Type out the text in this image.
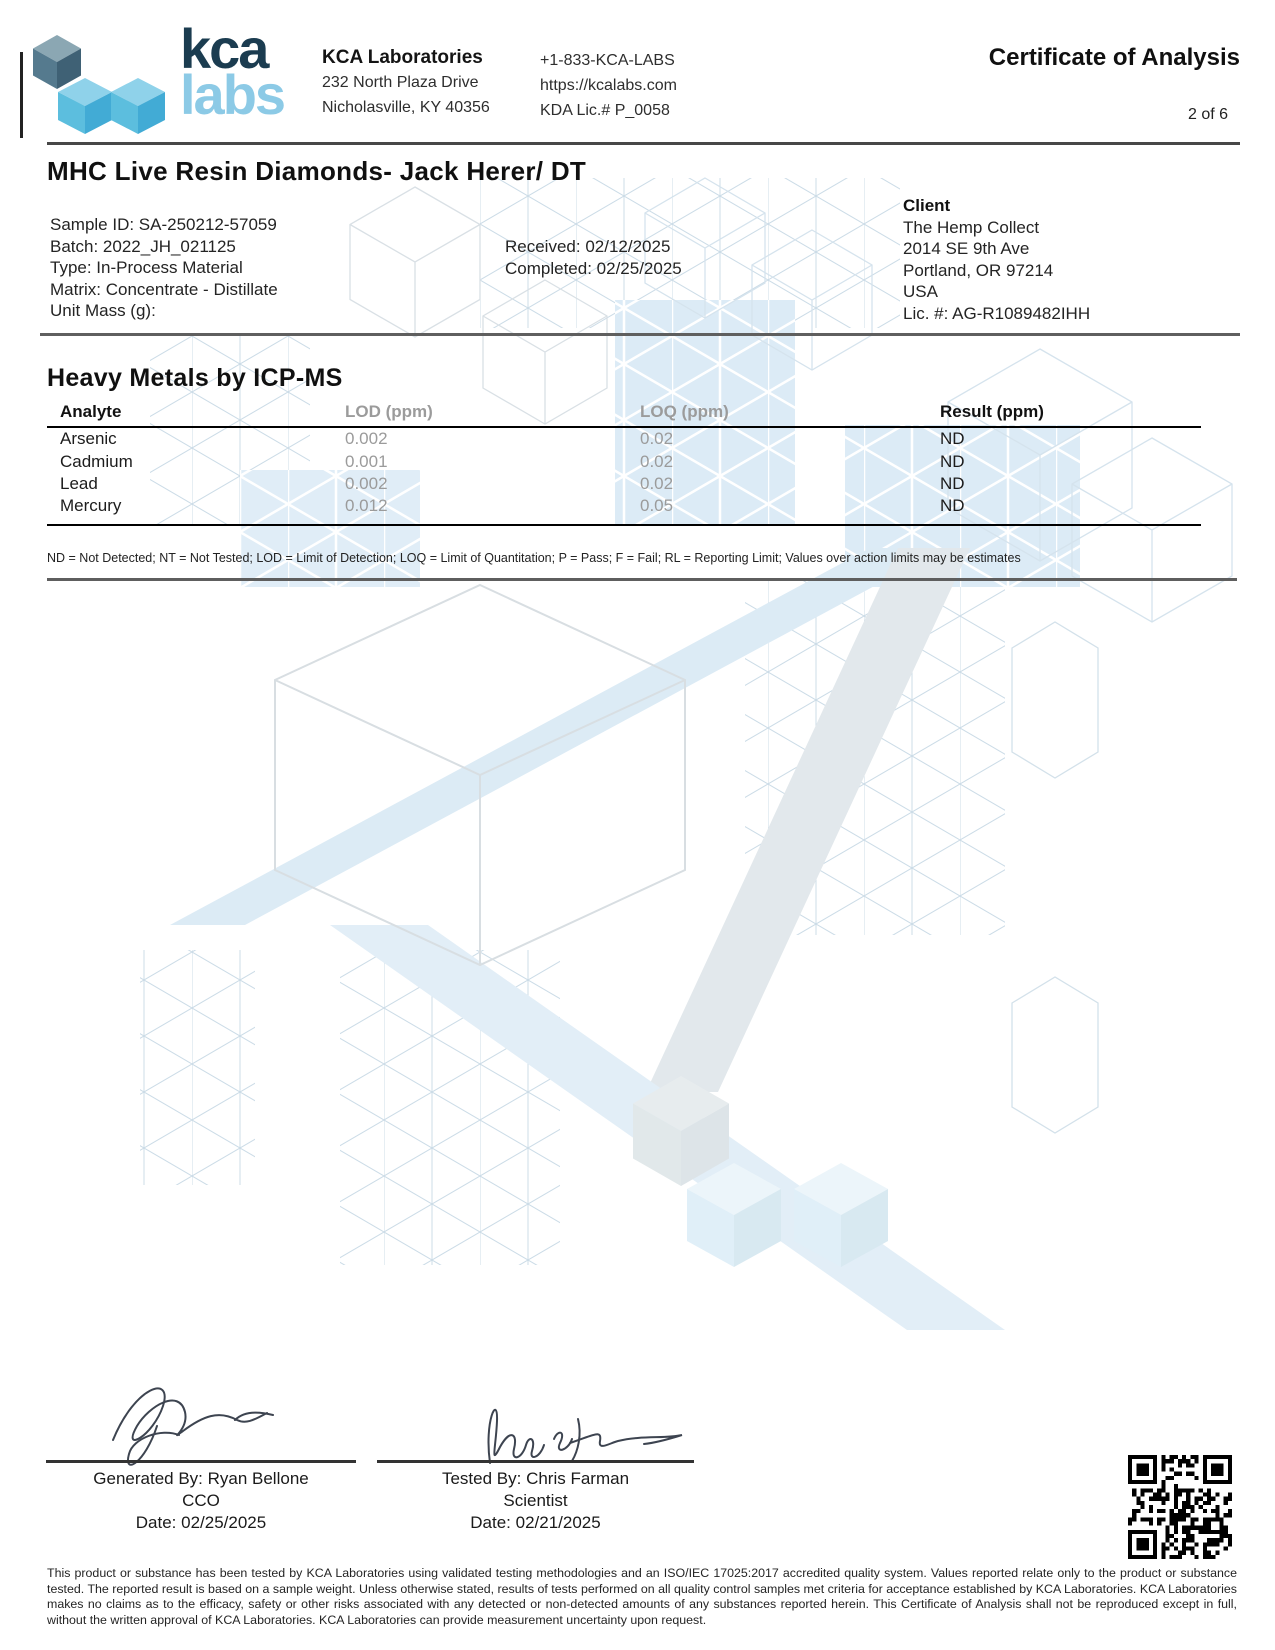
kca
labs
KCA Laboratories
232 North Plaza Drive
Nicholasville, KY 40356
+1-833-KCA-LABS
https://kcalabs.com
KDA Lic.# P_0058
Certificate of Analysis
2 of 6
MHC Live Resin Diamonds- Jack Herer/ DT
Sample ID: SA-250212-57059
Batch: 2022_JH_021125
Type: In-Process Material
Matrix: Concentrate - Distillate
Unit Mass (g):
Received: 02/12/2025
Completed: 02/25/2025
Client
The Hemp Collect
2014 SE 9th Ave
Portland, OR 97214
USA
Lic. #: AG-R1089482IHH
Heavy Metals by ICP-MS
Analyte	LOD (ppm)	LOQ (ppm)	Result (ppm)
Arsenic	0.002	0.02	ND
Cadmium	0.001	0.02	ND
Lead	0.002	0.02	ND
Mercury	0.012	0.05	ND
ND = Not Detected; NT = Not Tested; LOD = Limit of Detection; LOQ = Limit of Quantitation; P = Pass; F = Fail; RL = Reporting Limit; Values over action limits may be estimates
Generated By: Ryan Bellone
CCO
Date: 02/25/2025
Tested By: Chris Farman
Scientist
Date: 02/21/2025
This product or substance has been tested by KCA Laboratories using validated testing methodologies and an ISO/IEC 17025:2017 accredited quality system. Values reported relate only to the product or substance tested. The reported result is based on a sample weight. Unless otherwise stated, results of tests performed on all quality control samples met criteria for acceptance established by KCA Laboratories. KCA Laboratories makes no claims as to the efficacy, safety or other risks associated with any detected or non-detected amounts of any substances reported herein. This Certificate of Analysis shall not be reproduced except in full, without the written approval of KCA Laboratories. KCA Laboratories can provide measurement uncertainty upon request.
